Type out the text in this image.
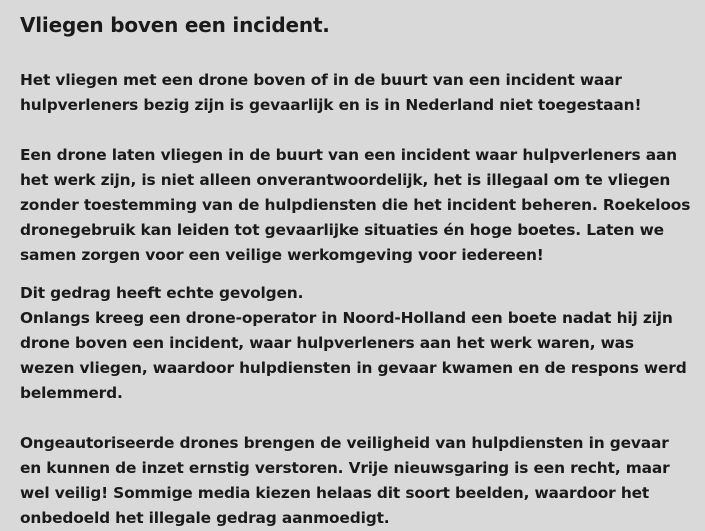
Vliegen boven een incident.

Het vliegen met een drone boven of in de buurt van een incident waar hulpverleners bezig zijn is gevaarlijk en is in Nederland niet toegestaan!

Een drone laten vliegen in de buurt van een incident waar hulpverleners aan het werk zijn, is niet alleen onverantwoordelijk, het is illegaal om te vliegen zonder toestemming van de hulpdiensten die het incident beheren. Roekeloos dronegebruik kan leiden tot gevaarlijke situaties én hoge boetes. Laten we samen zorgen voor een veilige werkomgeving voor iedereen!

Dit gedrag heeft echte gevolgen.
Onlangs kreeg een drone-operator in Noord-Holland een boete nadat hij zijn drone boven een incident, waar hulpverleners aan het werk waren, was wezen vliegen, waardoor hulpdiensten in gevaar kwamen en de respons werd belemmerd.

Ongeautoriseerde drones brengen de veiligheid van hulpdiensten in gevaar en kunnen de inzet ernstig verstoren. Vrije nieuwsgaring is een recht, maar wel veilig! Sommige media kiezen helaas dit soort beelden, waardoor het onbedoeld het illegale gedrag aanmoedigt.
